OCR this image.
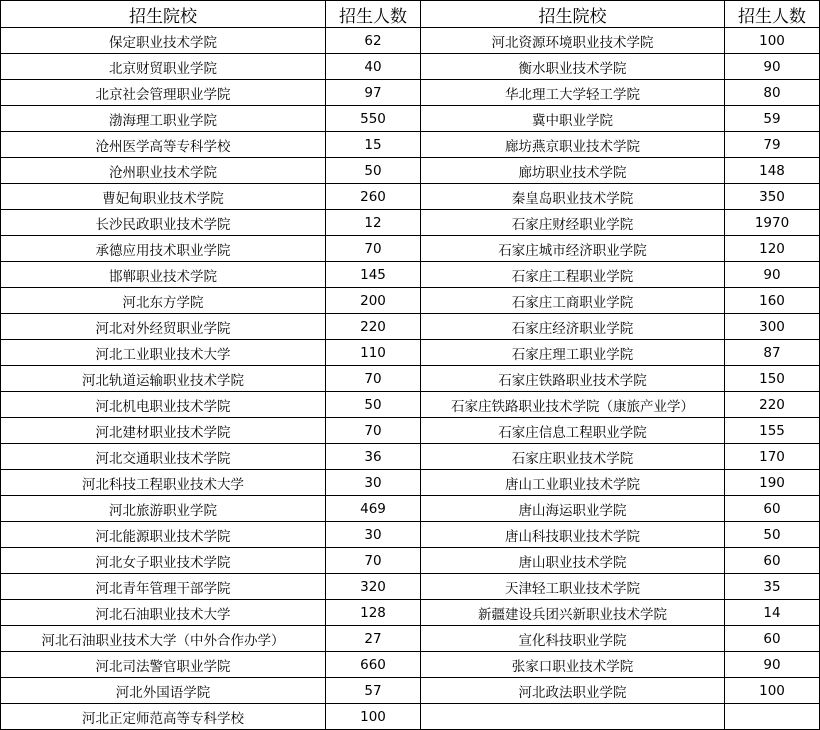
招生院校	招生人数	招生院校	招生人数
保定职业技术学院	62	河北资源环境职业技术学院	100
北京财贸职业学院	40	衡水职业技术学院	90
北京社会管理职业学院	97	华北理工大学轻工学院	80
渤海理工职业学院	550	冀中职业学院	59
沧州医学高等专科学校	15	廊坊燕京职业技术学院	79
沧州职业技术学院	50	廊坊职业技术学院	148
曹妃甸职业技术学院	260	秦皇岛职业技术学院	350
长沙民政职业技术学院	12	石家庄财经职业学院	1970
承德应用技术职业学院	70	石家庄城市经济职业学院	120
邯郸职业技术学院	145	石家庄工程职业学院	90
河北东方学院	200	石家庄工商职业学院	160
河北对外经贸职业学院	220	石家庄经济职业学院	300
河北工业职业技术大学	110	石家庄理工职业学院	87
河北轨道运输职业技术学院	70	石家庄铁路职业技术学院	150
河北机电职业技术学院	50	石家庄铁路职业技术学院（康旅产业学）	220
河北建材职业技术学院	70	石家庄信息工程职业学院	155
河北交通职业技术学院	36	石家庄职业技术学院	170
河北科技工程职业技术大学	30	唐山工业职业技术学院	190
河北旅游职业学院	469	唐山海运职业学院	60
河北能源职业技术学院	30	唐山科技职业技术学院	50
河北女子职业技术学院	70	唐山职业技术学院	60
河北青年管理干部学院	320	天津轻工职业技术学院	35
河北石油职业技术大学	128	新疆建设兵团兴新职业技术学院	14
河北石油职业技术大学（中外合作办学）	27	宣化科技职业学院	60
河北司法警官职业学院	660	张家口职业技术学院	90
河北外国语学院	57	河北政法职业学院	100
河北正定师范高等专科学校	100		
